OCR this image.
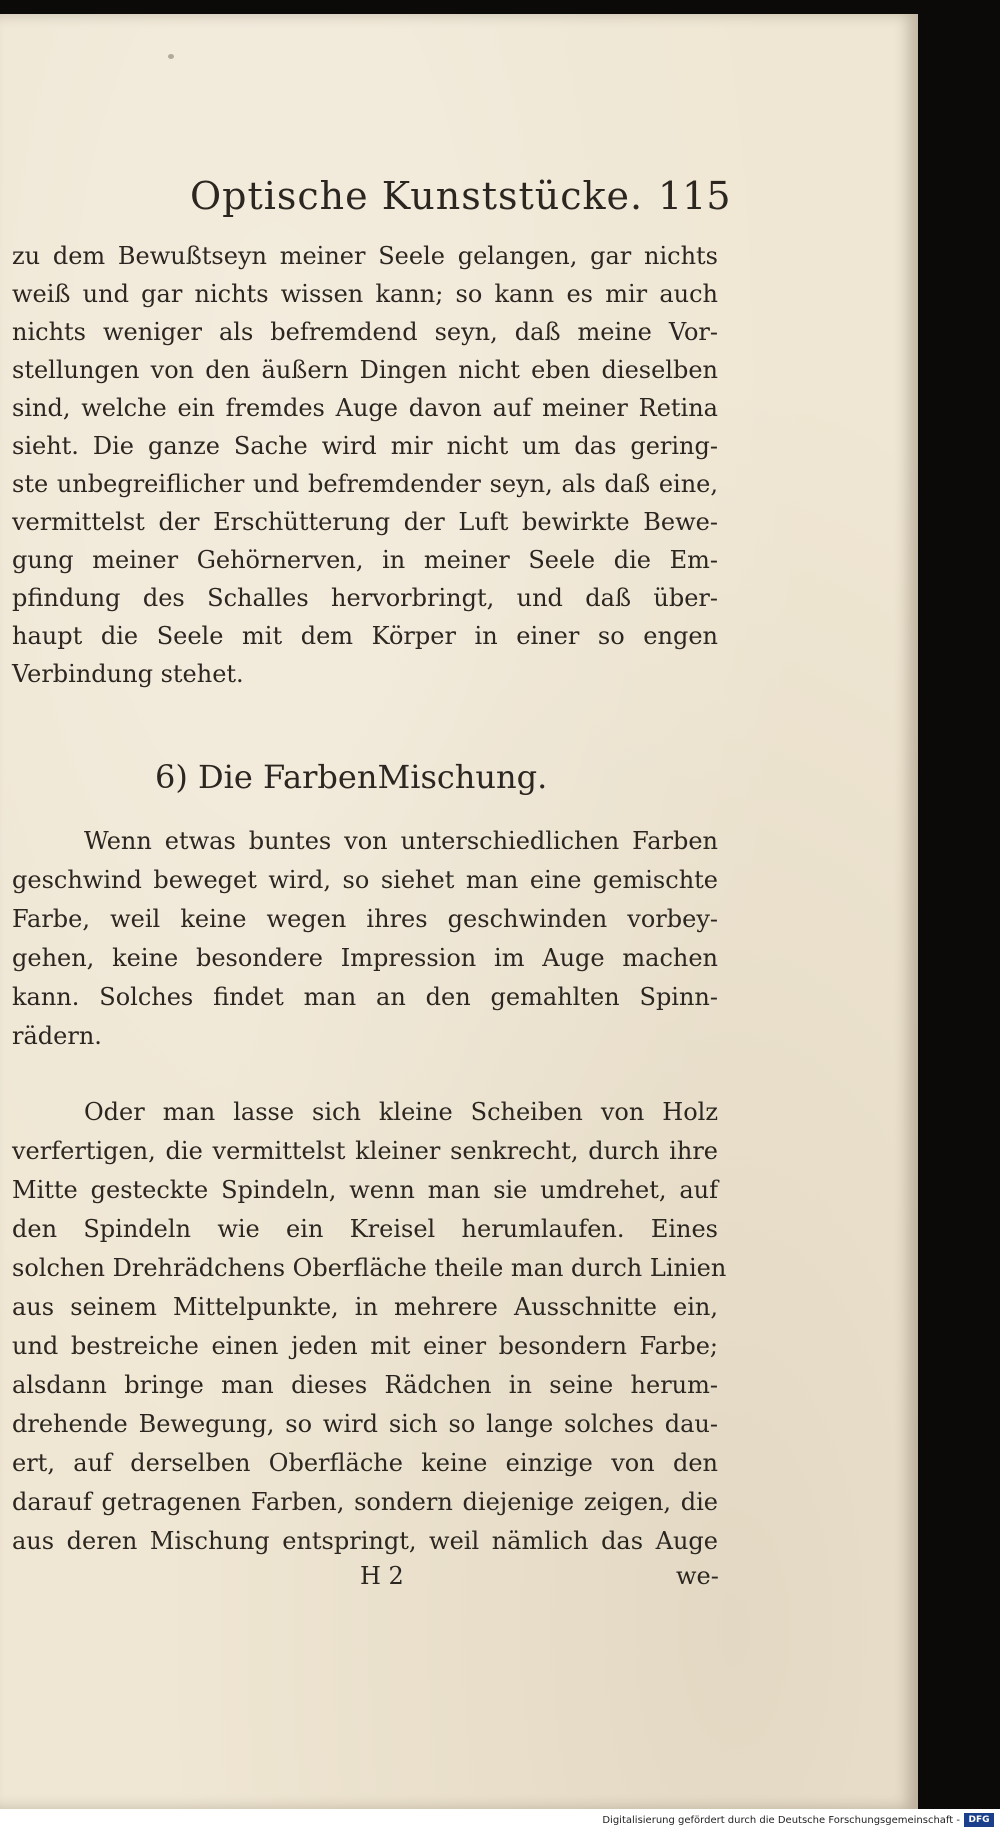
Optische Kunststücke. 115
zu dem Bewußtseyn meiner Seele gelangen, gar nichts
weiß und gar nichts wissen kann; so kann es mir auch
nichts weniger als befremdend seyn, daß meine Vor-
stellungen von den äußern Dingen nicht eben dieselben
sind, welche ein fremdes Auge davon auf meiner Retina
sieht. Die ganze Sache wird mir nicht um das gering-
ste unbegreiflicher und befremdender seyn, als daß eine,
vermittelst der Erschütterung der Luft bewirkte Bewe-
gung meiner Gehörnerven, in meiner Seele die Em-
pfindung des Schalles hervorbringt, und daß über-
haupt die Seele mit dem Körper in einer so engen
Verbindung stehet.
6) Die FarbenMischung.
Wenn etwas buntes von unterschiedlichen Farben
geschwind beweget wird, so siehet man eine gemischte
Farbe, weil keine wegen ihres geschwinden vorbey-
gehen, keine besondere Impression im Auge machen
kann. Solches findet man an den gemahlten Spinn-
rädern.
Oder man lasse sich kleine Scheiben von Holz
verfertigen, die vermittelst kleiner senkrecht, durch ihre
Mitte gesteckte Spindeln, wenn man sie umdrehet, auf
den Spindeln wie ein Kreisel herumlaufen. Eines
solchen Drehrädchens Oberfläche theile man durch Linien
aus seinem Mittelpunkte, in mehrere Ausschnitte ein,
und bestreiche einen jeden mit einer besondern Farbe;
alsdann bringe man dieses Rädchen in seine herum-
drehende Bewegung, so wird sich so lange solches dau-
ert, auf derselben Oberfläche keine einzige von den
darauf getragenen Farben, sondern diejenige zeigen, die
aus deren Mischung entspringt, weil nämlich das Auge
H 2	we-
Digitalisierung gefördert durch die Deutsche Forschungsgemeinschaft - DFG
